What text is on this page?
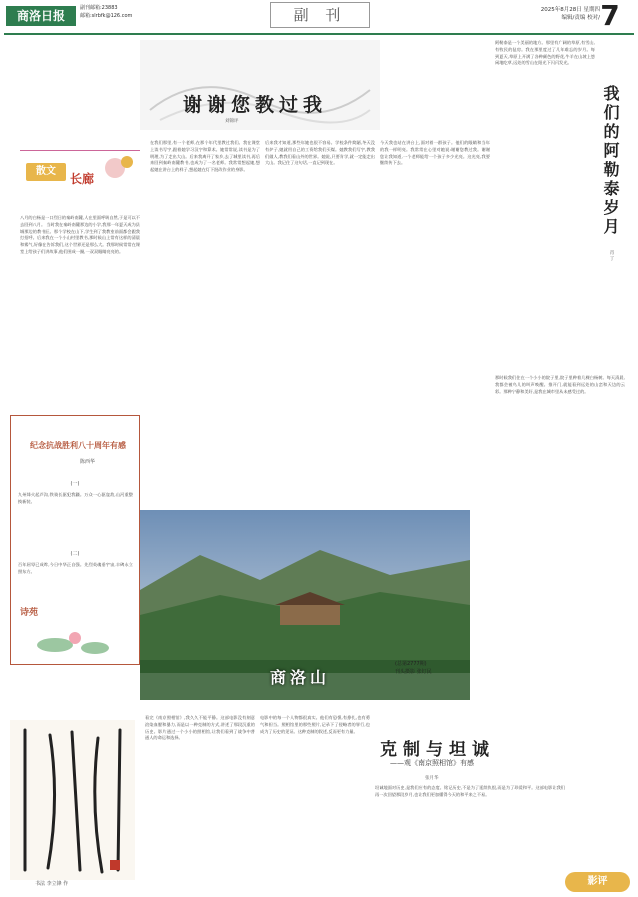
商洛日报
副刊邮箱:23883
邮箱:slrbfk@126.com	副 刊	2025年8月28日 星期四
编辑/责编 校对/ 7
谢谢您教过我
刘锦评
散文
长廊
八月的白杨是一口烈日的秦岭南麓,人在里面呼吸自然,于是可以不去回到八月。 当时我在秦岭南麓那边的小学,我那一年夏天成为县城那边的教书匠。那个学校在山下,学生到了我教室前面都会跟我打招呼。后来我在一个小山村里教书,那时候山上常有这样的清晨和雾气,好像在告诉我们,这个世界还是那么大。我那时候常常在课堂上给孩子们讲故事,他们围成一圈,一双双眼睛亮亮的。
在我们那里,有一个老师,在那个年代里教过我们。我在课堂上读书写字,跟着她学习汉字和算术。她常常说,读书是为了明理,为了走出大山。后来我离开了家乡,去了城里读书,再后来回到秦岭南麓教书,也成为了一名老师。我常常想起她,想起她在讲台上的样子,想起她在灯下批改作业的身影。
后来我才知道,那些年她也很不容易。学校条件简陋,冬天没有炉子,她就用自己的工资给我们买煤。她教我们写字,教我们做人,教我们看山外的世界。她说,只要肯学,就一定能走出大山。我记住了这句话,一直记到现在。
今天我也站在讲台上,面对着一群孩子。他们的眼睛和当年的我一样明亮。我常常在心里对她说:谢谢您教过我。谢谢您让我知道,一个老师能给一个孩子多少光亮。这光亮,我要继续传下去。
纪念抗战胜利八十周年有感
陈西华
(一)
九州烽火起芦沟,铁骑长驱犯我疆。万众一心驱寇敌,山河重整换新装。
(二)
百年屈辱已成昨,今日中华正自强。先烈英魂垂宇宙,丰碑永立照东方。
诗苑
商洛山
(总第2777期)
刊头摄影 张钉民
我们的阿勒泰岁月
肖 丁
阿勒泰是一个美丽的地方。那里有广阔的草原,有雪山,有牧民的毡房。我在那里度过了几年难忘的岁月。每到夏天,草原上开满了各种颜色的野花,牛羊在山坡上悠闲地吃草,远处的雪山在阳光下闪闪发光。
那时候我们住在一个小小的院子里,院子里种着几棵白杨树。每天清晨,我都会被鸟儿的叫声唤醒。推开门,就能看到远处的山峦和天边的云彩。那种宁静和美好,是我在城市里从未感受过的。
书法 李立锋 作
克制与坦诚
——观《南京照相馆》有感
张月华
看完《南京照相馆》,我久久不能平静。这部电影没有刻意渲染血腥和暴力,而是以一种克制的方式,讲述了那段沉重的历史。影片通过一个小小的照相馆,让我们看到了战争中普通人的命运和选择。
电影中的每一个人物都很真实。他们有恐惧,有挣扎,也有勇气和担当。照相馆里的那些照片,记录下了侵略者的罪行,也成为了历史的见证。这种克制的叙述,反而更有力量。
坦诚地面对历史,是我们应有的态度。铭记历史,不是为了延续仇恨,而是为了珍爱和平。这部电影让我们再一次回望那段岁月,也让我们更加懂得今天的和平来之不易。
影评
